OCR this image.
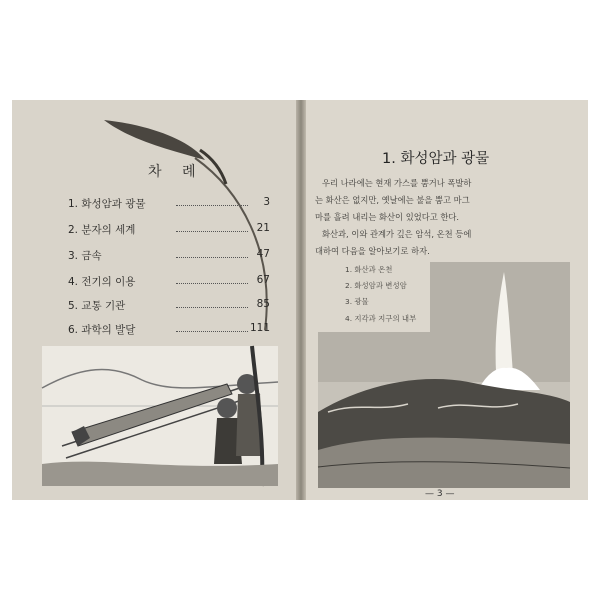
차 례
1. 화성암과 광물	3
2. 분자의 세계	21
3. 금속	47
4. 전기의 이용	67
5. 교통 기관	85
6. 과학의 발달	111
1. 화성암과 광물
우리 나라에는 현재 가스를 뿜거나 폭발하
는 화산은 없지만, 옛날에는 불을 뿜고 마그
마를 흘려 내리는 화산이 있었다고 한다.
화산과, 이와 관계가 깊은 암석, 온천 등에
대하여 다음을 알아보기로 하자.
1. 화산과 온천
2. 화성암과 변성암
3. 광물
4. 지각과 지구의 내부
— 3 —
